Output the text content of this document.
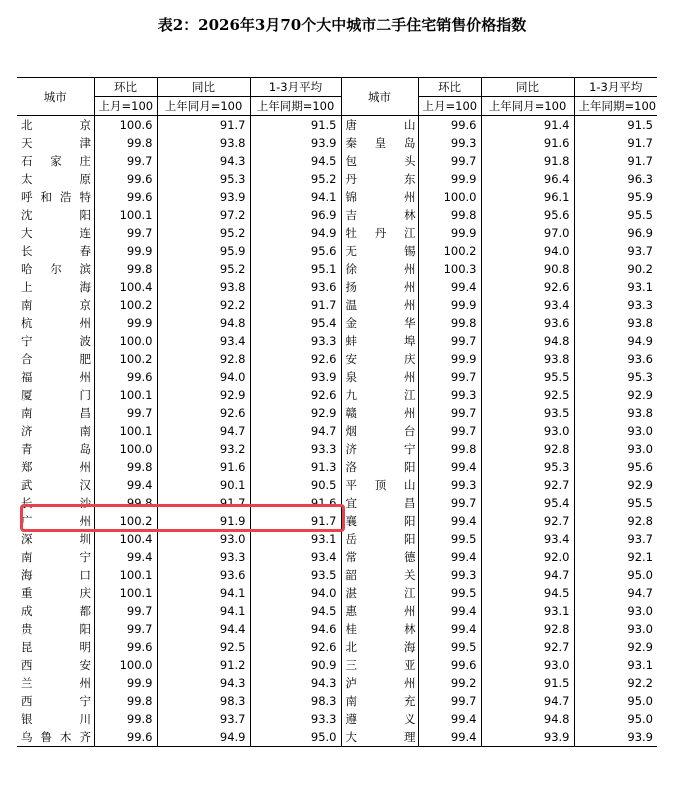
表2：2026年3月70个大中城市二手住宅销售价格指数
城市	环比	同比	1-3月平均	城市	环比	同比	1-3月平均
	上月=100	上年同月=100	上年同期=100		上月=100	上年同月=100	上年同期=100

北 京	100.6	91.7	91.5	唐 山	99.6	91.4	91.5

天 津	99.8	93.8	93.9	秦 皇 岛	99.3	91.6	91.7

石 家 庄	99.7	94.3	94.5	包 头	99.7	91.8	91.7

太 原	99.6	95.3	95.2	丹 东	99.9	96.4	96.3

呼 和 浩 特	99.6	93.9	94.1	锦 州	100.0	96.1	95.9

沈 阳	100.1	97.2	96.9	吉 林	99.8	95.6	95.5

大 连	99.7	95.2	94.9	牡 丹 江	99.9	97.0	96.9

长 春	99.9	95.9	95.6	无 锡	100.2	94.0	93.7

哈 尔 滨	99.8	95.2	95.1	徐 州	100.3	90.8	90.2

上 海	100.4	93.8	93.6	扬 州	99.4	92.6	93.1

南 京	100.2	92.2	91.7	温 州	99.9	93.4	93.3

杭 州	99.9	94.8	95.4	金 华	99.8	93.6	93.8

宁 波	100.0	93.4	93.3	蚌 埠	99.7	94.8	94.9

合 肥	100.2	92.8	92.6	安 庆	99.9	93.8	93.6

福 州	99.6	94.0	93.9	泉 州	99.7	95.5	95.3

厦 门	100.1	92.9	92.6	九 江	99.3	92.5	92.9

南 昌	99.7	92.6	92.9	赣 州	99.7	93.5	93.8

济 南	100.1	94.7	94.7	烟 台	99.7	93.0	93.0

青 岛	100.0	93.2	93.3	济 宁	99.8	92.8	93.0

郑 州	99.8	91.6	91.3	洛 阳	99.4	95.3	95.6

武 汉	99.4	90.1	90.5	平 顶 山	99.3	92.7	92.9

长 沙	99.8	91.7	91.6	宜 昌	99.7	95.4	95.5

广 州	100.2	91.9	91.7	襄 阳	99.4	92.7	92.8

深 圳	100.4	93.0	93.1	岳 阳	99.5	93.4	93.7

南 宁	99.4	93.3	93.4	常 德	99.4	92.0	92.1

海 口	100.1	93.6	93.5	韶 关	99.3	94.7	95.0

重 庆	100.1	94.1	94.0	湛 江	99.5	94.5	94.7

成 都	99.7	94.1	94.5	惠 州	99.4	93.1	93.0

贵 阳	99.7	94.4	94.6	桂 林	99.4	92.8	93.0

昆 明	99.6	92.5	92.6	北 海	99.5	92.7	92.9

西 安	100.0	91.2	90.9	三 亚	99.6	93.0	93.1

兰 州	99.9	94.3	94.3	泸 州	99.2	91.5	92.2

西 宁	99.8	98.3	98.3	南 充	99.7	94.7	95.0

银 川	99.8	93.7	93.3	遵 义	99.4	94.8	95.0

乌 鲁 木 齐	99.6	94.9	95.0	大 理	99.4	93.9	93.9
